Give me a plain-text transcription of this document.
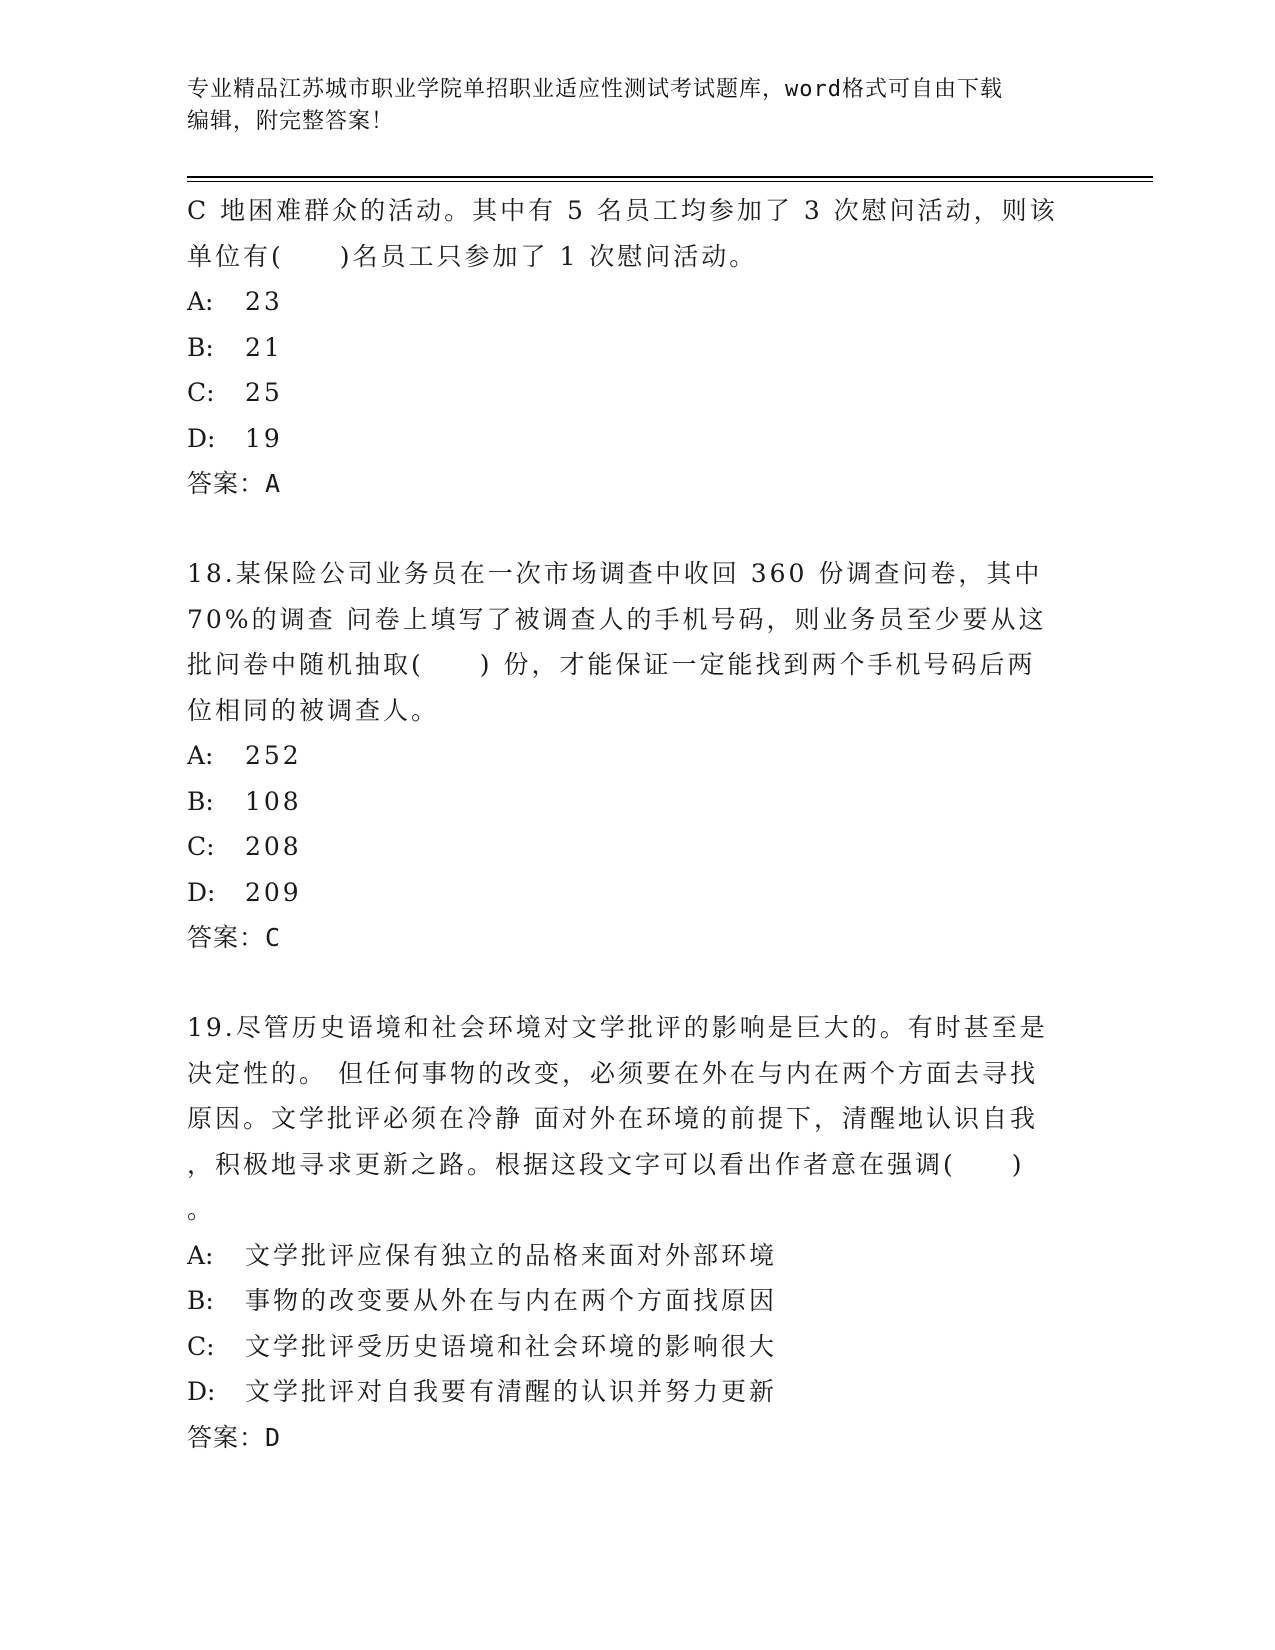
专业精品江苏城市职业学院单招职业适应性测试考试题库，word格式可自由下载
编辑，附完整答案！
C 地困难群众的活动。其中有 5 名员工均参加了 3 次慰问活动，则该
单位有(　　)名员工只参加了 1 次慰问活动。
A:	23
B:	21
C:	25
D:	19
答案：A
18.某保险公司业务员在一次市场调查中收回 360 份调查问卷，其中
70%的调查 问卷上填写了被调查人的手机号码，则业务员至少要从这
批问卷中随机抽取(　　) 份，才能保证一定能找到两个手机号码后两
位相同的被调查人。
A:	252
B:	108
C:	208
D:	209
答案：C
19.尽管历史语境和社会环境对文学批评的影响是巨大的。有时甚至是
决定性的。 但任何事物的改变，必须要在外在与内在两个方面去寻找
原因。文学批评必须在冷静 面对外在环境的前提下，清醒地认识自我
，积极地寻求更新之路。根据这段文字可以看出作者意在强调(　　)
。
A:	文学批评应保有独立的品格来面对外部环境
B:	事物的改变要从外在与内在两个方面找原因
C:	文学批评受历史语境和社会环境的影响很大
D:	文学批评对自我要有清醒的认识并努力更新
答案：D
